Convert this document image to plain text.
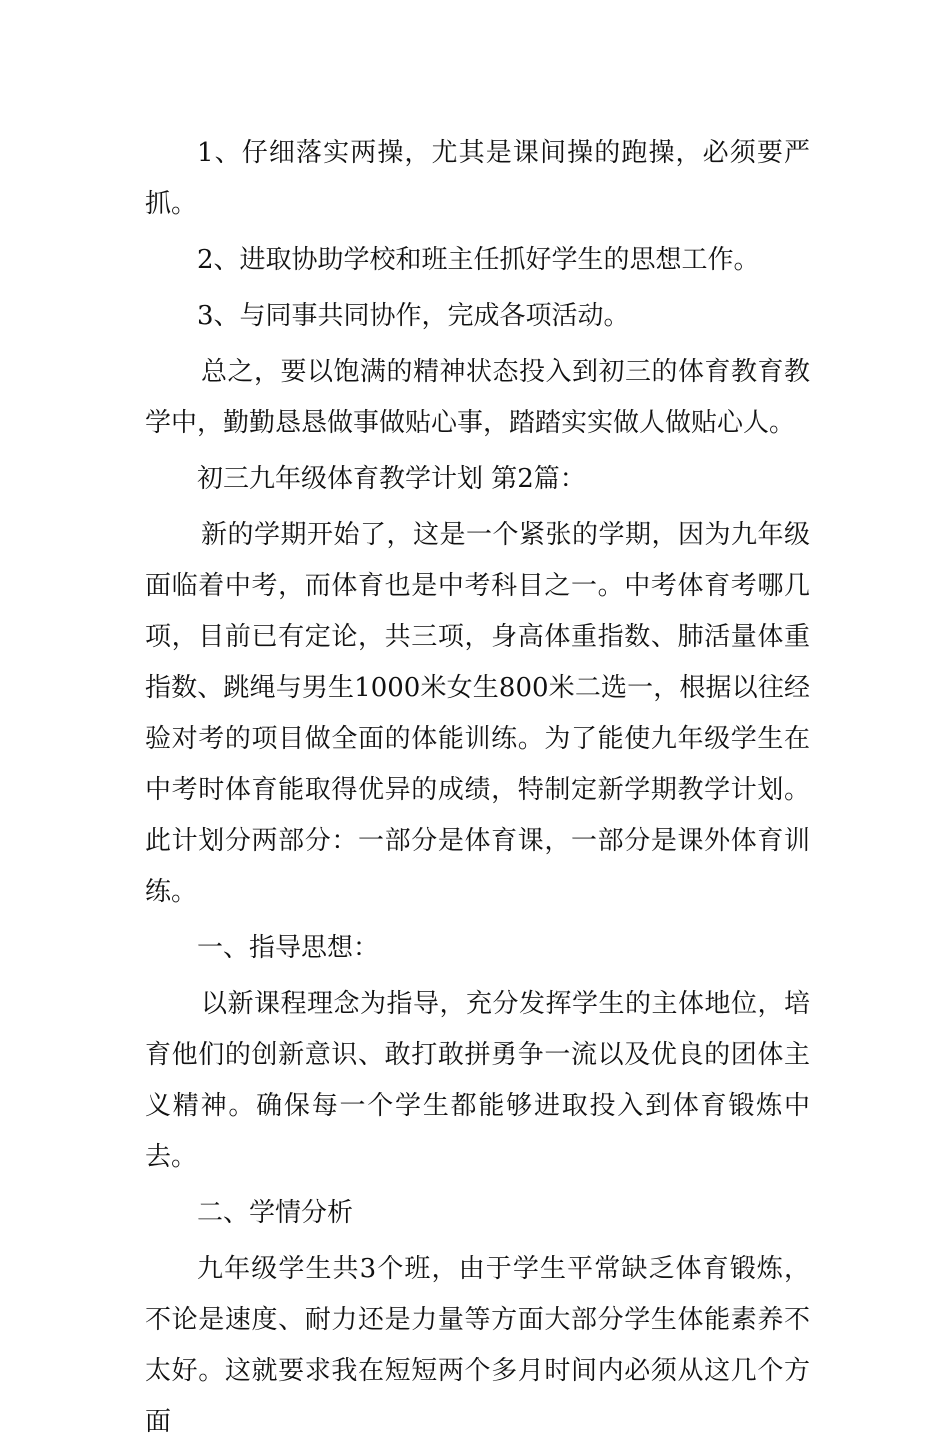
1、仔细落实两操，尤其是课间操的跑操，必须要严抓。

2、进取协助学校和班主任抓好学生的思想工作。

3、与同事共同协作，完成各项活动。

总之，要以饱满的精神状态投入到初三的体育教育教学中，勤勤恳恳做事做贴心事，踏踏实实做人做贴心人。

初三九年级体育教学计划 第2篇：

新的学期开始了，这是一个紧张的学期，因为九年级面临着中考，而体育也是中考科目之一。中考体育考哪几项，目前已有定论，共三项，身高体重指数、肺活量体重指数、跳绳与男生1000米女生800米二选一，根据以往经验对考的项目做全面的体能训练。为了能使九年级学生在中考时体育能取得优异的成绩，特制定新学期教学计划。此计划分两部分：一部分是体育课，一部分是课外体育训练。

一、指导思想：

以新课程理念为指导，充分发挥学生的主体地位，培育他们的创新意识、敢打敢拼勇争一流以及优良的团体主义精神。确保每一个学生都能够进取投入到体育锻炼中去。

二、学情分析

九年级学生共3个班，由于学生平常缺乏体育锻炼，不论是速度、耐力还是力量等方面大部分学生体能素养不太好。这就要求我在短短两个多月时间内必须从这几个方面
